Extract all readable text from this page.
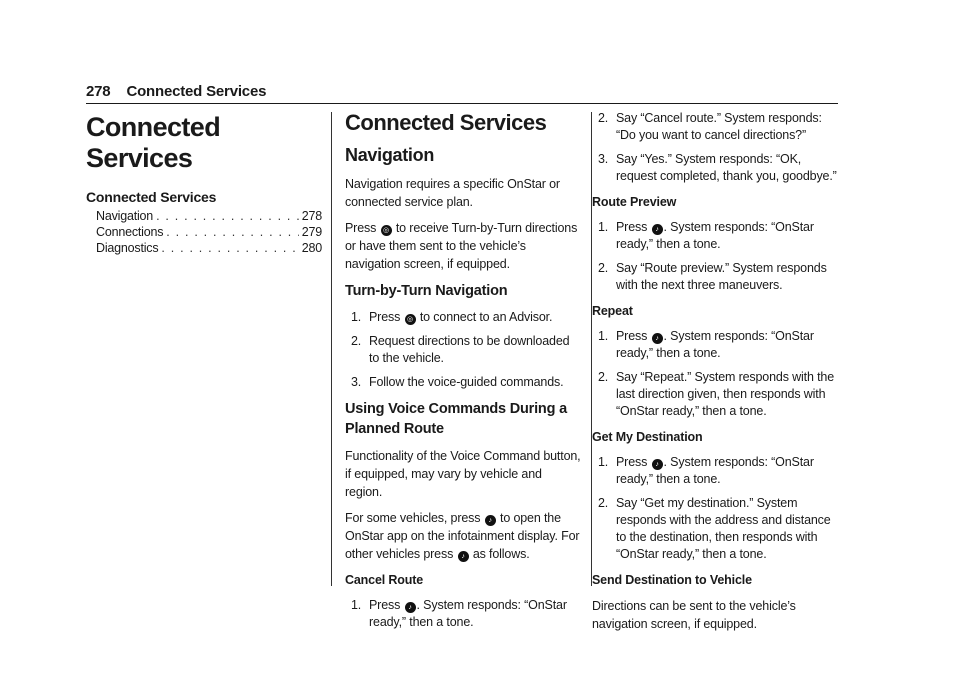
278 Connected Services
Connected Services
Connected Services
Navigation . . .	278
Connections . . .	279
Diagnostics . . .	280
Connected Services
Navigation

Navigation requires a specific OnStar or connected service plan.

Press ◎ to receive Turn-by-Turn directions or have them sent to the vehicle’s navigation screen, if equipped.

Turn-by-Turn Navigation
1. Press ◎ to connect to an Advisor.
2. Request directions to be downloaded to the vehicle.
3. Follow the voice-guided commands.
Using Voice Commands During a Planned Route

Functionality of the Voice Command button, if equipped, may vary by vehicle and region.

For some vehicles, press ♪ to open the OnStar app on the infotainment display. For other vehicles press ♪ as follows.

Cancel Route
1. Press ♪ . System responds: “OnStar ready,” then a tone.
2. Say “Cancel route.” System responds: “Do you want to cancel directions?”
3. Say “Yes.” System responds: “OK, request completed, thank you, goodbye.”
Route Preview
1. Press ♪ . System responds: “OnStar ready,” then a tone.
2. Say “Route preview.” System responds with the next three maneuvers.
Repeat
1. Press ♪ . System responds: “OnStar ready,” then a tone.
2. Say “Repeat.” System responds with the last direction given, then responds with “OnStar ready,” then a tone.
Get My Destination
1. Press ♪ . System responds: “OnStar ready,” then a tone.
2. Say “Get my destination.” System responds with the address and distance to the destination, then responds with “OnStar ready,” then a tone.
Send Destination to Vehicle

Directions can be sent to the vehicle’s navigation screen, if equipped.
